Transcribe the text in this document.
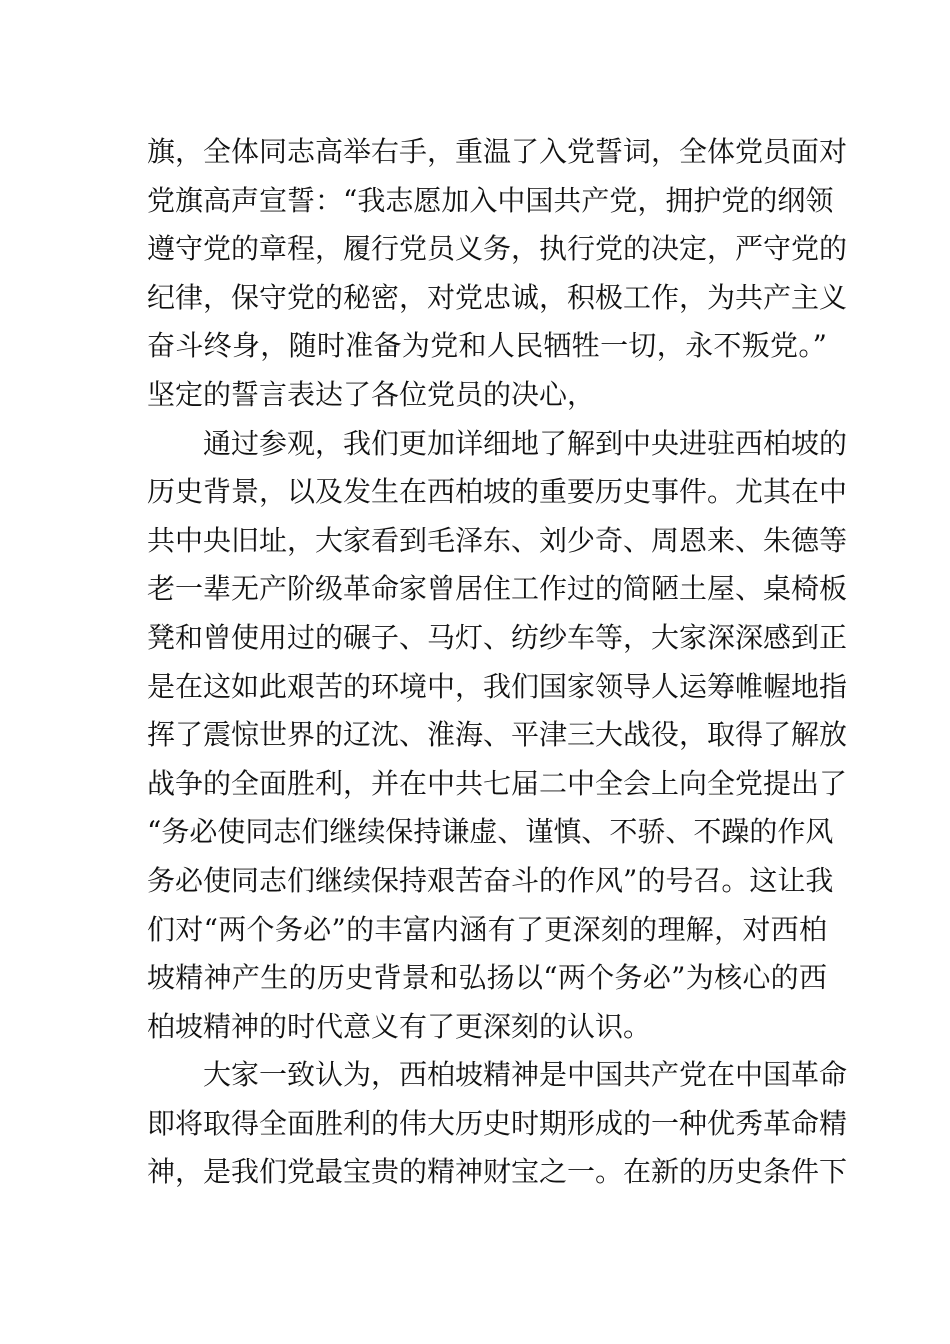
旗，全体同志高举右手，重温了入党誓词，全体党员面对
党旗高声宣誓：“我志愿加入中国共产党，拥护党的纲领
遵守党的章程，履行党员义务，执行党的决定，严守党的
纪律，保守党的秘密，对党忠诚，积极工作，为共产主义
奋斗终身，随时准备为党和人民牺牲一切，永不叛党。”
坚定的誓言表达了各位党员的决心，
通过参观，我们更加详细地了解到中央进驻西柏坡的
历史背景，以及发生在西柏坡的重要历史事件。尤其在中
共中央旧址，大家看到毛泽东、刘少奇、周恩来、朱德等
老一辈无产阶级革命家曾居住工作过的简陋土屋、桌椅板
凳和曾使用过的碾子、马灯、纺纱车等，大家深深感到正
是在这如此艰苦的环境中，我们国家领导人运筹帷幄地指
挥了震惊世界的辽沈、淮海、平津三大战役，取得了解放
战争的全面胜利，并在中共七届二中全会上向全党提出了
“务必使同志们继续保持谦虚、谨慎、不骄、不躁的作风
务必使同志们继续保持艰苦奋斗的作风”的号召。这让我
们对“两个务必”的丰富内涵有了更深刻的理解，对西柏
坡精神产生的历史背景和弘扬以“两个务必”为核心的西
柏坡精神的时代意义有了更深刻的认识。
大家一致认为，西柏坡精神是中国共产党在中国革命
即将取得全面胜利的伟大历史时期形成的一种优秀革命精
神，是我们党最宝贵的精神财宝之一。在新的历史条件下
